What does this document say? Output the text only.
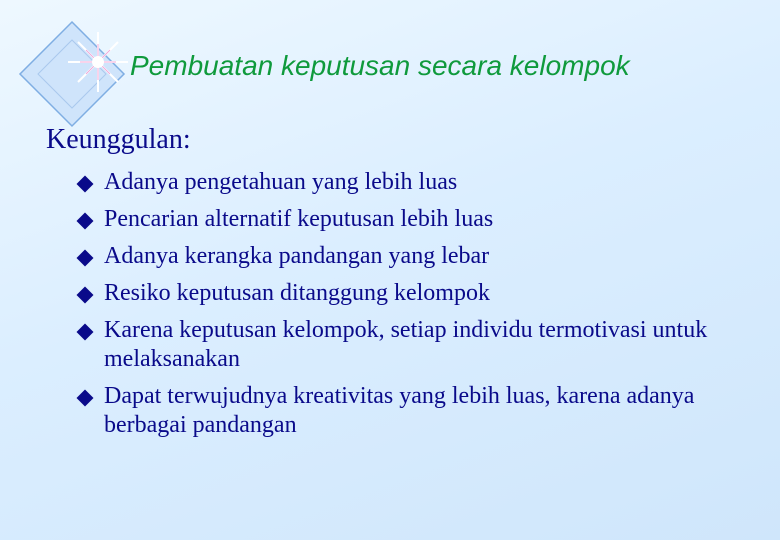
Pembuatan keputusan secara kelompok
Keunggulan:
Adanya pengetahuan yang lebih luas
Pencarian alternatif keputusan lebih luas
Adanya kerangka pandangan yang lebar
Resiko keputusan ditanggung kelompok
Karena keputusan kelompok, setiap individu termotivasi untuk melaksanakan
Dapat terwujudnya kreativitas yang lebih luas, karena adanya berbagai pandangan
